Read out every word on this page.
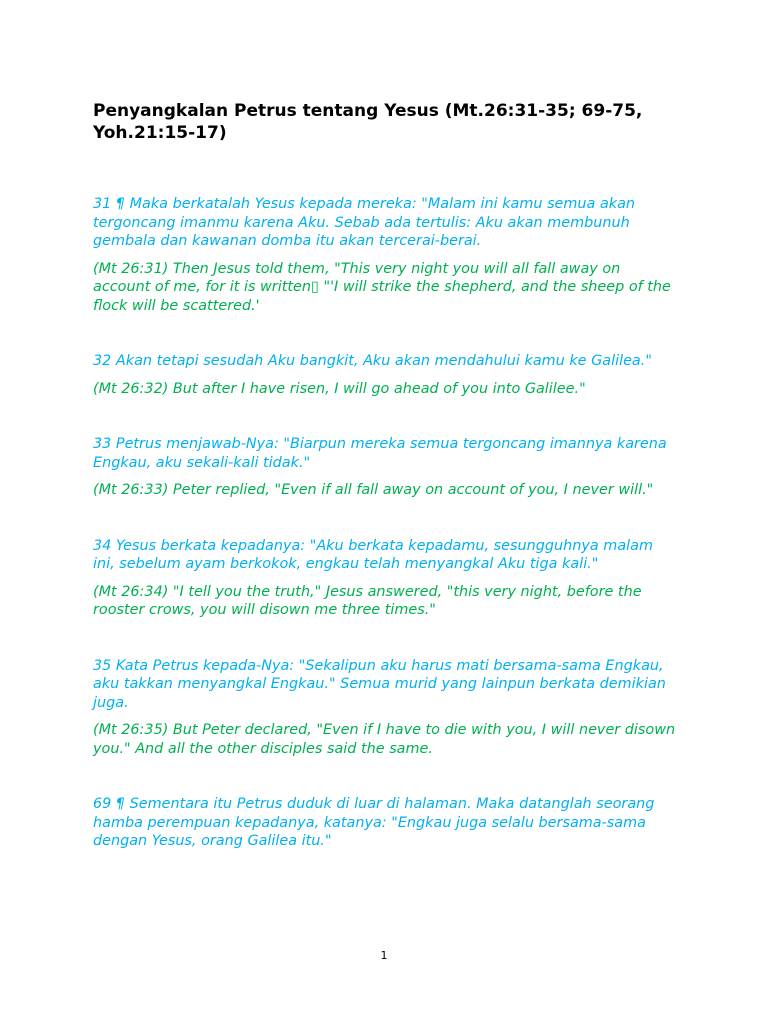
Penyangkalan Petrus tentang Yesus (Mt.26:31-35; 69-75, Yoh.21:15-17)

31 ¶ Maka berkatalah Yesus kepada mereka: "Malam ini kamu semua akan tergoncang imanmu karena Aku. Sebab ada tertulis: Aku akan membunuh gembala dan kawanan domba itu akan tercerai-berai.

(Mt 26:31) Then Jesus told them, "This very night you will all fall away on account of me, for it is written▯ "'I will strike the shepherd, and the sheep of the flock will be scattered.'

32 Akan tetapi sesudah Aku bangkit, Aku akan mendahului kamu ke Galilea."

(Mt 26:32) But after I have risen, I will go ahead of you into Galilee."

33 Petrus menjawab-Nya: "Biarpun mereka semua tergoncang imannya karena Engkau, aku sekali-kali tidak."

(Mt 26:33) Peter replied, "Even if all fall away on account of you, I never will."

34 Yesus berkata kepadanya: "Aku berkata kepadamu, sesungguhnya malam ini, sebelum ayam berkokok, engkau telah menyangkal Aku tiga kali."

(Mt 26:34) "I tell you the truth," Jesus answered, "this very night, before the rooster crows, you will disown me three times."

35 Kata Petrus kepada-Nya: "Sekalipun aku harus mati bersama-sama Engkau, aku takkan menyangkal Engkau." Semua murid yang lainpun berkata demikian juga.

(Mt 26:35) But Peter declared, "Even if I have to die with you, I will never disown you." And all the other disciples said the same.

69 ¶ Sementara itu Petrus duduk di luar di halaman. Maka datanglah seorang hamba perempuan kepadanya, katanya: "Engkau juga selalu bersama-sama dengan Yesus, orang Galilea itu."

1
